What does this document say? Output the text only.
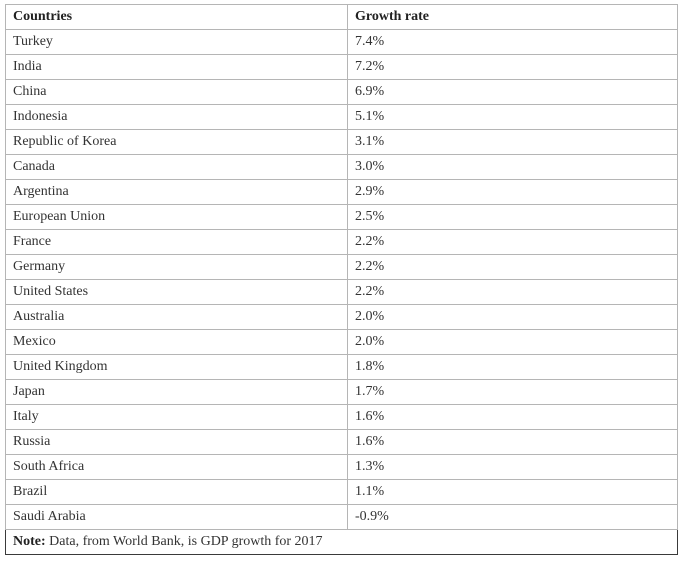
Countries	Growth rate
Turkey	7.4%
India	7.2%
China	6.9%
Indonesia	5.1%
Republic of Korea	3.1%
Canada	3.0%
Argentina	2.9%
European Union	2.5%
France	2.2%
Germany	2.2%
United States	2.2%
Australia	2.0%
Mexico	2.0%
United Kingdom	1.8%
Japan	1.7%
Italy	1.6%
Russia	1.6%
South Africa	1.3%
Brazil	1.1%
Saudi Arabia	-0.9%
Note: Data, from World Bank, is GDP growth for 2017	
